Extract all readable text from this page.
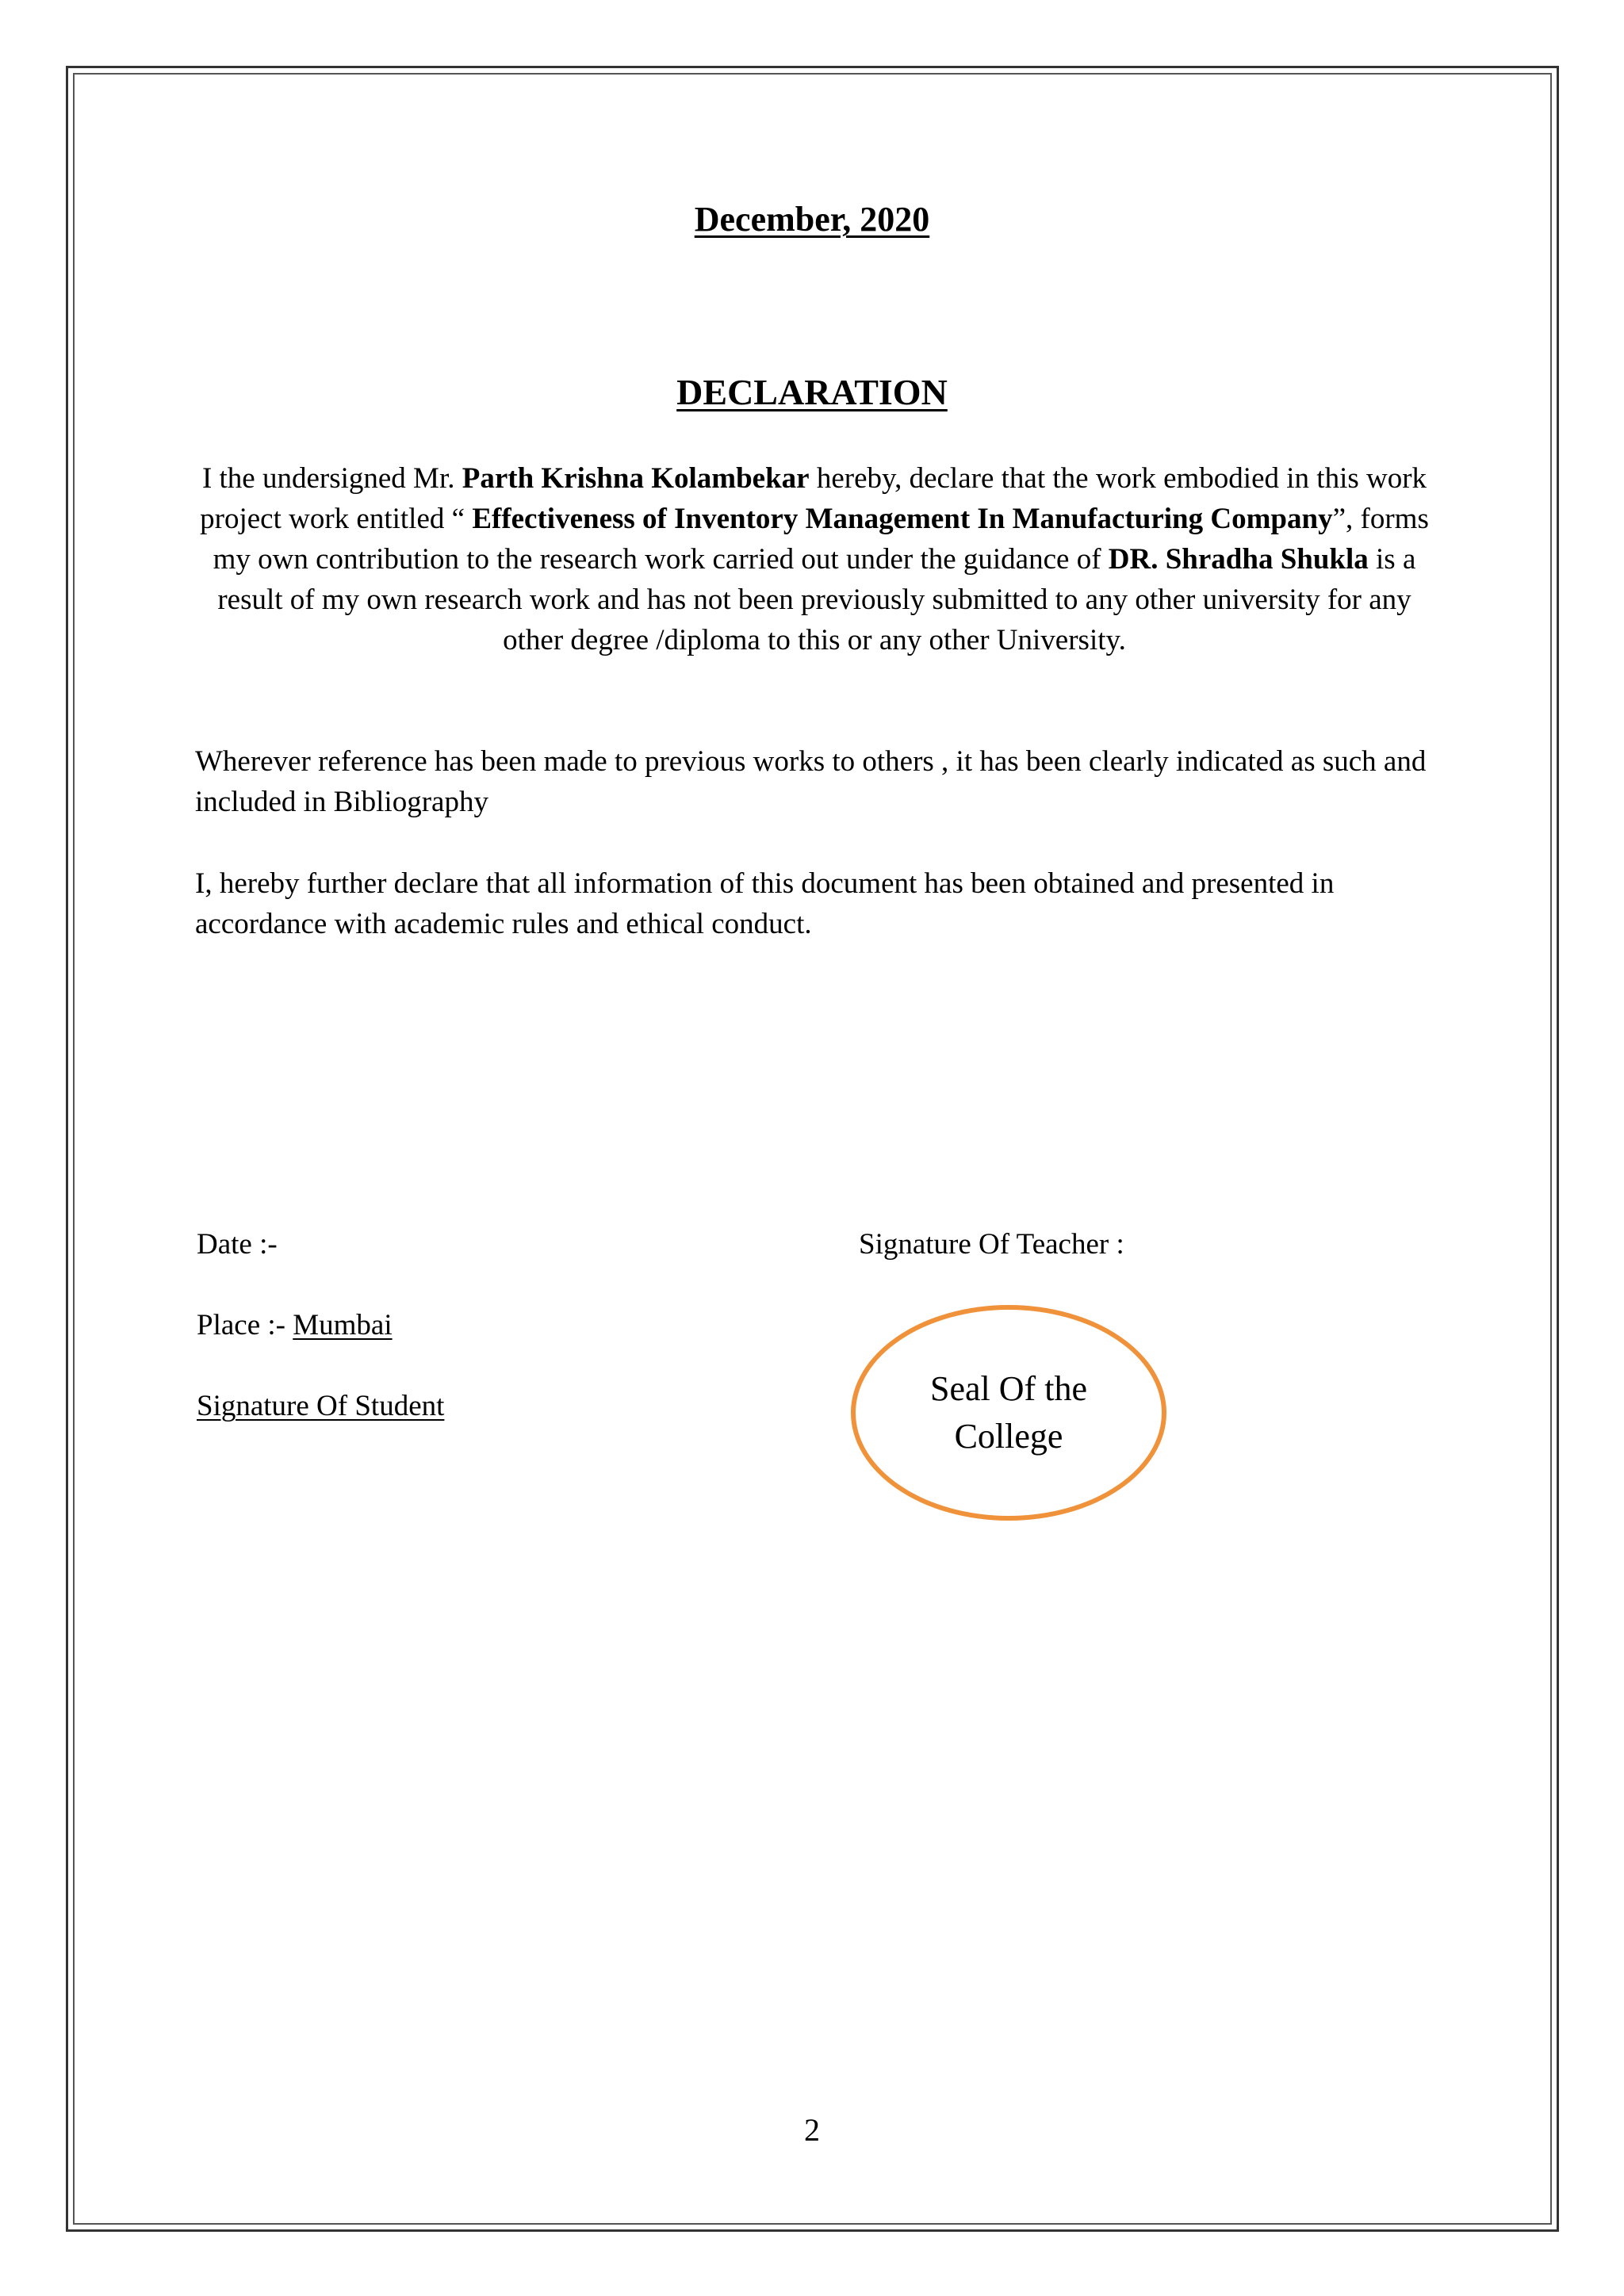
December, 2020
DECLARATION
I the undersigned Mr. Parth Krishna Kolambekar hereby, declare that the work embodied in this work project work entitled “ Effectiveness of Inventory Management In Manufacturing Company”, forms my own contribution to the research work carried out under the guidance of DR. Shradha Shukla is a result of my own research work and has not been previously submitted to any other university for any other degree /diploma to this or any other University.
Wherever reference has been made to previous works to others , it has been clearly indicated as such and included in Bibliography
I, hereby further declare that all information of this document has been obtained and presented in accordance with academic rules and ethical conduct.
Date :-
Place :- Mumbai
Signature Of Student
Signature Of Teacher :
Seal Of the College
2
